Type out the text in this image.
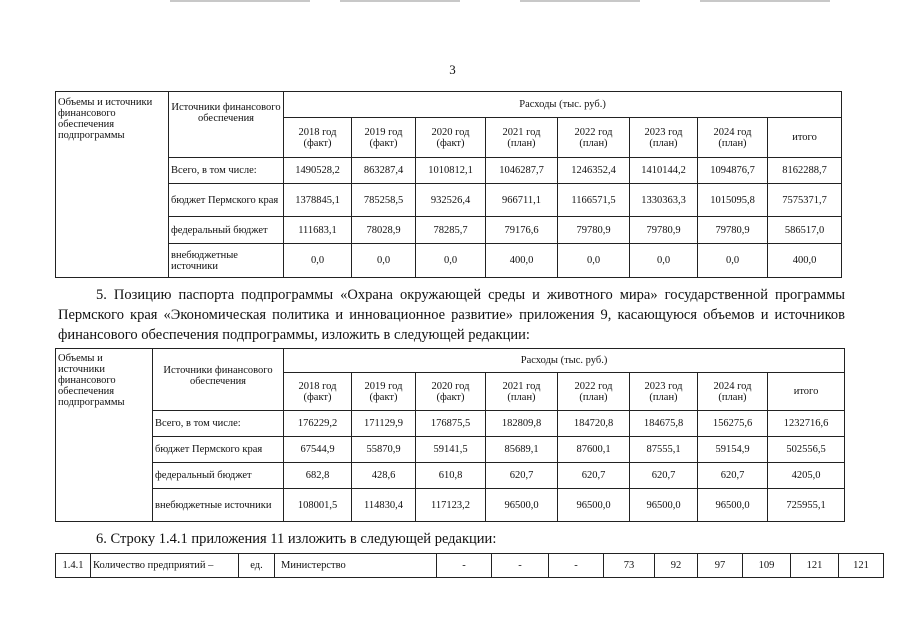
3
Объемы и источники финансового обеспечения подпрограммы	Источники финансового обеспечения	Расходы (тыс. руб.)							
		2018 год (факт)	2019 год (факт)	2020 год (факт)	2021 год (план)	2022 год (план)	2023 год (план)	2024 год (план)	итого
	Всего, в том числе:	1490528,2	863287,4	1010812,1	1046287,7	1246352,4	1410144,2	1094876,7	8162288,7
	бюджет Пермского края	1378845,1	785258,5	932526,4	966711,1	1166571,5	1330363,3	1015095,8	7575371,7
	федеральный бюджет	111683,1	78028,9	78285,7	79176,6	79780,9	79780,9	79780,9	586517,0
	внебюджетные источники	0,0	0,0	0,0	400,0	0,0	0,0	0,0	400,0
5. Позицию паспорта подпрограммы «Охрана окружающей среды и животного мира» государственной программы Пермского края «Экономическая политика и инновационное развитие» приложения 9, касающуюся объемов и источников финансового обеспечения подпрограммы, изложить в следующей редакции:
Объемы и источники финансового обеспечения подпрограммы	Источники финансового обеспечения	Расходы (тыс. руб.)							
		2018 год (факт)	2019 год (факт)	2020 год (факт)	2021 год (план)	2022 год (план)	2023 год (план)	2024 год (план)	итого
	Всего, в том числе:	176229,2	171129,9	176875,5	182809,8	184720,8	184675,8	156275,6	1232716,6
	бюджет Пермского края	67544,9	55870,9	59141,5	85689,1	87600,1	87555,1	59154,9	502556,5
	федеральный бюджет	682,8	428,6	610,8	620,7	620,7	620,7	620,7	4205,0
	внебюджетные источники	108001,5	114830,4	117123,2	96500,0	96500,0	96500,0	96500,0	725955,1
6. Строку 1.4.1 приложения 11 изложить в следующей редакции:
1.4.1	Количество предприятий –	ед.	Министерство	-	-	-	73	92	97	109	121	121
